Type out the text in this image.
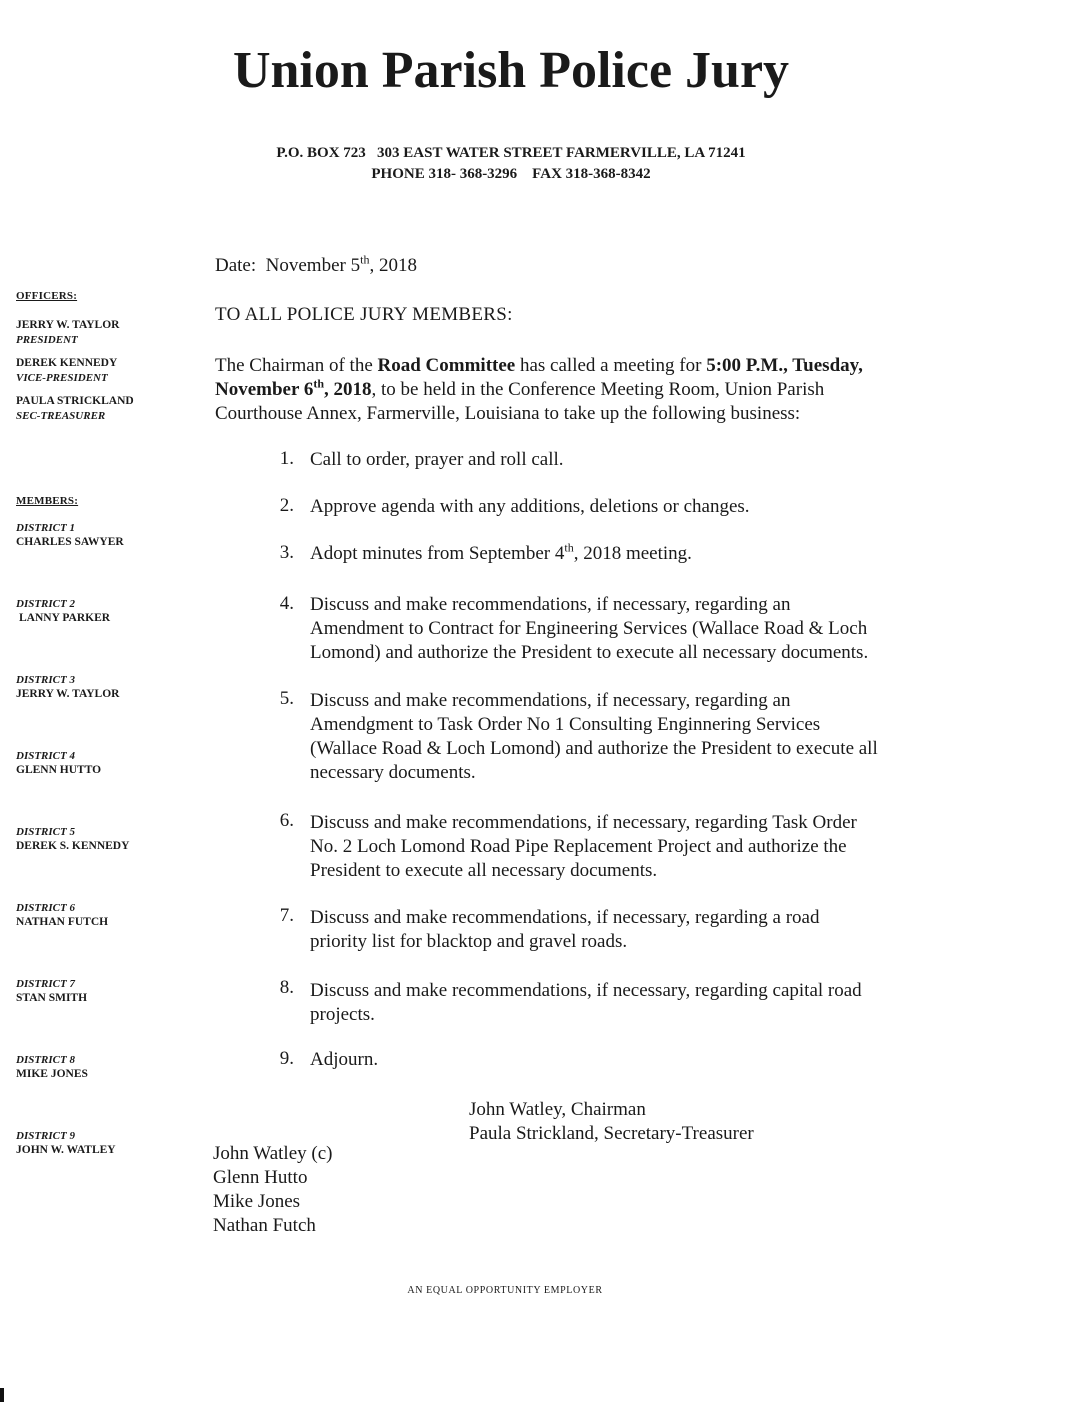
Union Parish Police Jury
P.O. BOX 723   303 EAST WATER STREET FARMERVILLE, LA 71241
PHONE 318- 368-3296    FAX 318-368-8342
OFFICERS:
JERRY W. TAYLOR
PRESIDENT
DEREK KENNEDY
VICE-PRESIDENT
PAULA STRICKLAND
SEC-TREASURER
MEMBERS:
DISTRICT 1
CHARLES SAWYER
DISTRICT 2
LANNY PARKER
DISTRICT 3
JERRY W. TAYLOR
DISTRICT 4
GLENN HUTTO
DISTRICT 5
DEREK S. KENNEDY
DISTRICT 6
NATHAN FUTCH
DISTRICT 7
STAN SMITH
DISTRICT 8
MIKE JONES
DISTRICT 9
JOHN W. WATLEY
Date: November 5th, 2018
TO ALL POLICE JURY MEMBERS:
The Chairman of the Road Committee has called a meeting for 5:00 P.M., Tuesday,
November 6th, 2018, to be held in the Conference Meeting Room, Union Parish
Courthouse Annex, Farmerville, Louisiana to take up the following business:
1. Call to order, prayer and roll call.
2. Approve agenda with any additions, deletions or changes.
3. Adopt minutes from September 4th, 2018 meeting.
4. Discuss and make recommendations, if necessary, regarding an
Amendment to Contract for Engineering Services (Wallace Road & Loch
Lomond) and authorize the President to execute all necessary documents.
5. Discuss and make recommendations, if necessary, regarding an
Amendgment to Task Order No 1 Consulting Enginnering Services
(Wallace Road & Loch Lomond) and authorize the President to execute all
necessary documents.
6. Discuss and make recommendations, if necessary, regarding Task Order
No. 2 Loch Lomond Road Pipe Replacement Project and authorize the
President to execute all necessary documents.
7. Discuss and make recommendations, if necessary, regarding a road
priority list for blacktop and gravel roads.
8. Discuss and make recommendations, if necessary, regarding capital road
projects.
9. Adjourn.
John Watley, Chairman
Paula Strickland, Secretary-Treasurer
John Watley (c)
Glenn Hutto
Mike Jones
Nathan Futch
AN EQUAL OPPORTUNITY EMPLOYER
